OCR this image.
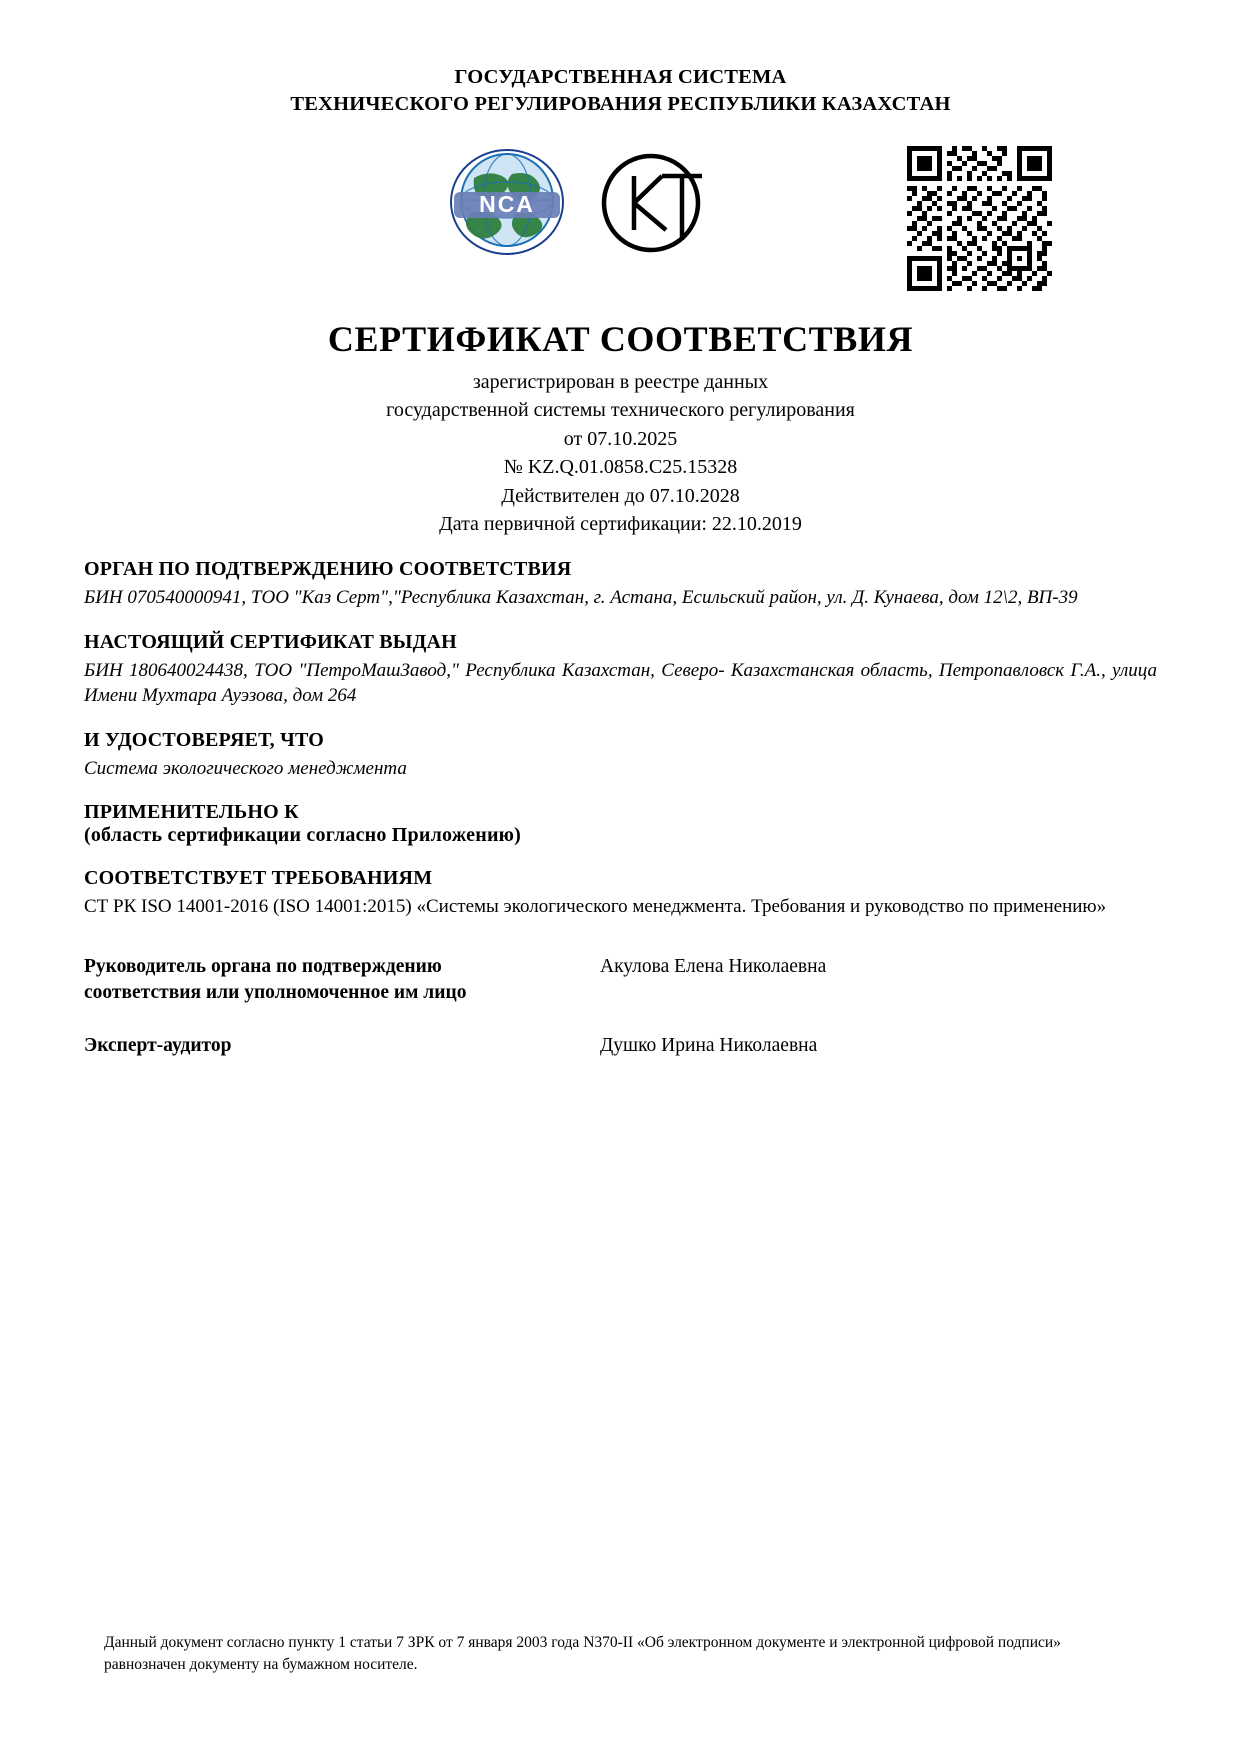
ГОСУДАРСТВЕННАЯ СИСТЕМА
ТЕХНИЧЕСКОГО РЕГУЛИРОВАНИЯ РЕСПУБЛИКИ КАЗАХСТАН
NCA
СЕРТИФИКАТ СООТВЕТСТВИЯ
зарегистрирован в реестре данных
государственной системы технического регулирования
от 07.10.2025
№ KZ.Q.01.0858.C25.15328
Действителен до 07.10.2028
Дата первичной сертификации: 22.10.2019
ОРГАН ПО ПОДТВЕРЖДЕНИЮ СООТВЕТСТВИЯ
БИН 070540000941, ТОО "Каз Серт","Республика Казахстан, г. Астана, Есильский район, ул. Д. Кунаева, дом 12\2, ВП-39
НАСТОЯЩИЙ СЕРТИФИКАТ ВЫДАН
БИН 180640024438, ТОО "ПетроМашЗавод," Республика Казахстан, Северо- Казахстанская область, Петропавловск Г.А., улица Имени Мухтара Ауэзова, дом 264
И УДОСТОВЕРЯЕТ, ЧТО
Система экологического менеджмента
ПРИМЕНИТЕЛЬНО К
(область сертификации согласно Приложению)
СООТВЕТСТВУЕТ ТРЕБОВАНИЯМ
СТ РК ISO 14001-2016 (ISO 14001:2015) «Системы экологического менеджмента. Требования и руководство по применению»
Руководитель органа по подтверждению
соответствия или уполномоченное им лицо
Акулова Елена Николаевна
Эксперт-аудитор	Душко Ирина Николаевна
Данный документ согласно пункту 1 статьи 7 ЗРК от 7 января 2003 года N370-II «Об электронном документе и электронной цифровой подписи»
равнозначен документу на бумажном носителе.
